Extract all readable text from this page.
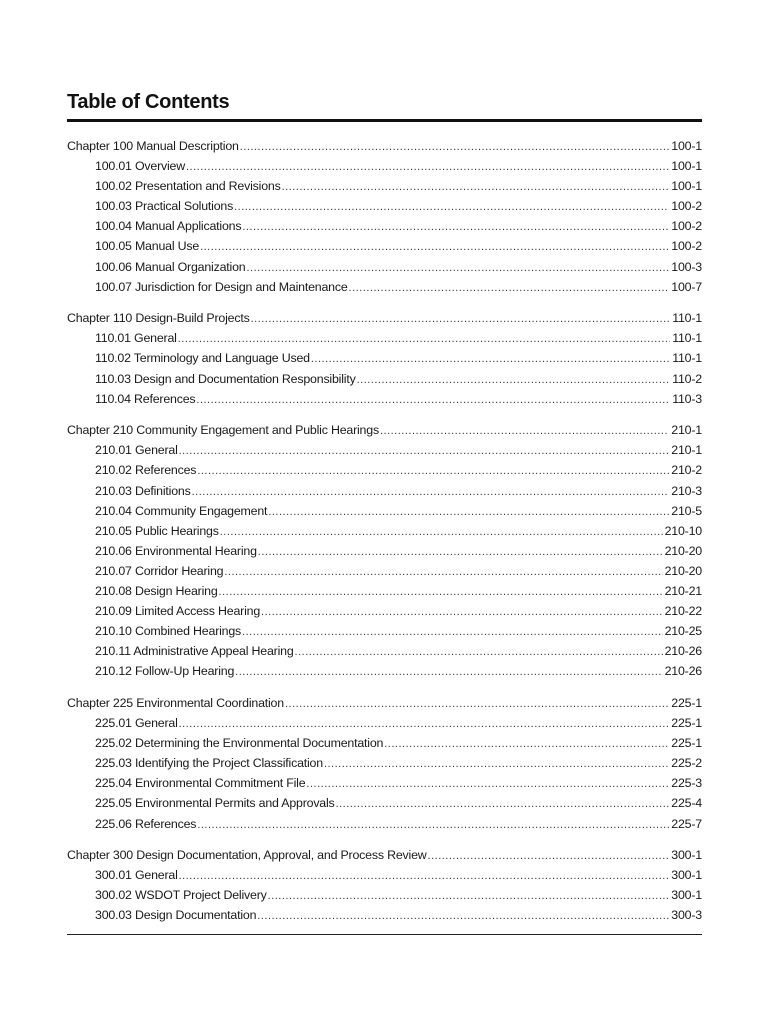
Table of Contents
Chapter 100 Manual Description .....	100-1
100.01 Overview .....	100-1
100.02 Presentation and Revisions .....	100-1
100.03 Practical Solutions .....	100-2
100.04 Manual Applications .....	100-2
100.05 Manual Use .....	100-2
100.06 Manual Organization .....	100-3
100.07 Jurisdiction for Design and Maintenance .....	100-7
Chapter 110 Design-Build Projects .....	110-1
110.01 General .....	110-1
110.02 Terminology and Language Used .....	110-1
110.03 Design and Documentation Responsibility .....	110-2
110.04 References .....	110-3
Chapter 210 Community Engagement and Public Hearings .....	210-1
210.01 General .....	210-1
210.02 References .....	210-2
210.03 Definitions .....	210-3
210.04 Community Engagement .....	210-5
210.05 Public Hearings .....	210-10
210.06 Environmental Hearing .....	210-20
210.07 Corridor Hearing .....	210-20
210.08 Design Hearing .....	210-21
210.09 Limited Access Hearing .....	210-22
210.10 Combined Hearings .....	210-25
210.11 Administrative Appeal Hearing .....	210-26
210.12 Follow-Up Hearing .....	210-26
Chapter 225 Environmental Coordination .....	225-1
225.01 General .....	225-1
225.02 Determining the Environmental Documentation .....	225-1
225.03 Identifying the Project Classification .....	225-2
225.04 Environmental Commitment File .....	225-3
225.05 Environmental Permits and Approvals .....	225-4
225.06 References .....	225-7
Chapter 300 Design Documentation, Approval, and Process Review .....	300-1
300.01 General .....	300-1
300.02 WSDOT Project Delivery .....	300-1
300.03 Design Documentation .....	300-3
